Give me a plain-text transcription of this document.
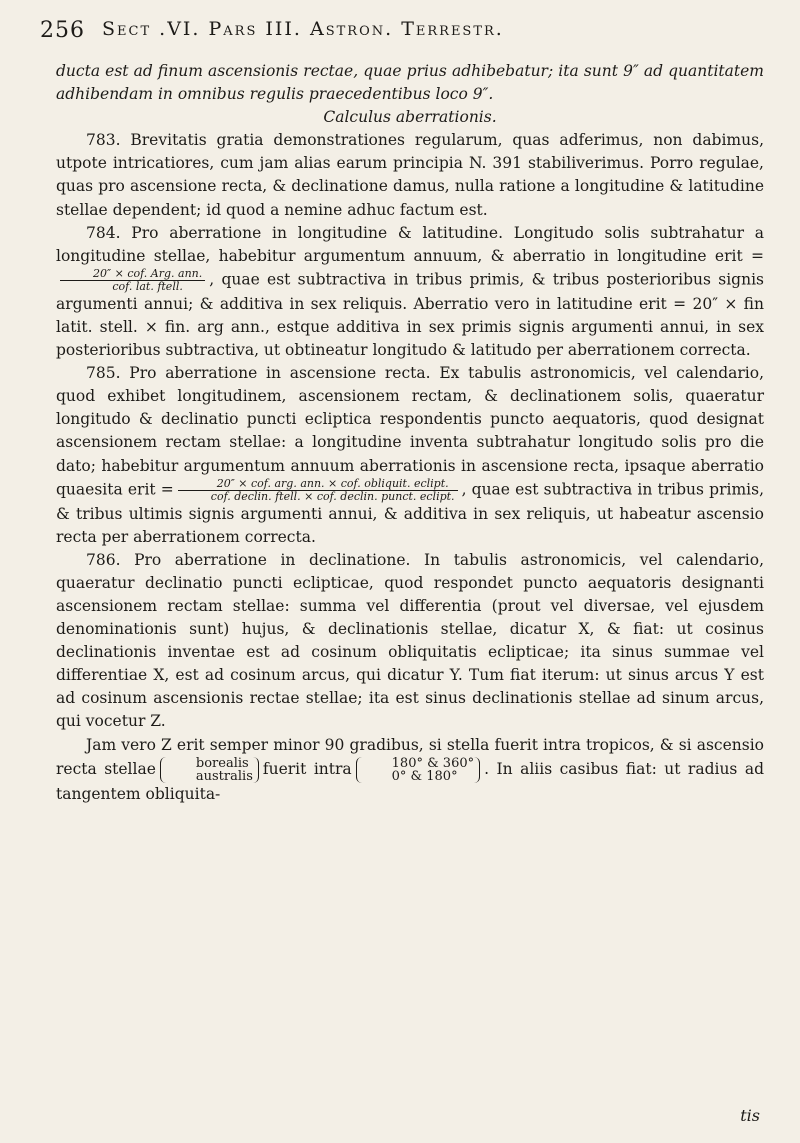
256 Sect .VI. Pars III. Astron. Terrestr.

ducta est ad finum ascensionis rectae, quae prius adhibebatur; ita sunt 9″ ad quantitatem adhibendam in omnibus regulis praecedentibus loco 9″.

Calculus aberrationis.

783. Brevitatis gratia demonstrationes regularum, quas adferimus, non dabimus, utpote intricatiores, cum jam alias earum principia N. 391 stabiliverimus. Porro regulae, quas pro ascensione recta, & declinatione damus, nulla ratione a longitudine & latitudine stellae dependent; id quod a nemine adhuc factum est.

784. Pro aberratione in longitudine & latitudine. Longitudo solis subtrahatur a longitudine stellae, habebitur argumentum annuum, & aberratio in longitudine erit =
$\frac{\text{20″ × cof. Arg. ann.}}{\text{cof. lat. ftell.}}$ , quae est subtractiva in tribus primis, & tribus posterioribus signis argumenti annui; & additiva in sex reliquis. Aberratio vero in latitudine erit = 20″ × fin latit. stell. × fin. arg ann., estque additiva in sex primis signis argumenti annui, in sex posterioribus subtractiva, ut obtineatur longitudo & latitudo per aberrationem correcta.

785. Pro aberratione in ascensione recta. Ex tabulis astronomicis, vel calendario, quod exhibet longitudinem, ascensionem rectam, & declinationem solis, quaeratur longitudo & declinatio puncti ecliptica respondentis puncto aequatoris, quod designat ascensionem rectam stellae: a longitudine inventa subtrahatur longitudo solis pro die dato; habebitur argumentum annuum aberrationis in ascensione recta, ipsaque aberratio quaesita erit = $\frac{\text{20″ × cof. arg. ann. × cof. obliquit. eclipt.}}{\text{cof. declin. ftell. × cof. declin. punct. eclipt.}}$ , quae est subtractiva in tribus primis, & tribus ultimis signis argumenti annui, & additiva in sex reliquis, ut habeatur ascensio recta per aberrationem correcta.

786. Pro aberratione in declinatione. In tabulis astronomicis, vel calendario, quaeratur declinatio puncti eclipticae, quod respondet puncto aequatoris designanti ascensionem rectam stellae: summa vel differentia (prout vel diversae, vel ejusdem denominationis sunt) hujus, & declinationis stellae, dicatur X, & fiat: ut cosinus declinationis inventae est ad cosinum obliquitatis eclipticae; ita sinus summae vel differentiae X, est ad cosinum arcus, qui dicatur Y. Tum fiat iterum: ut sinus arcus Y est ad cosinum ascensionis rectae stellae; ita est sinus declinationis stellae ad sinum arcus, qui vocetur Z.

Jam vero Z erit semper minor 90 gradibus, si stella fuerit intra tropicos, & si ascensio recta stellae	borealis
australis fuerit intra	180° & 360°
0° & 180°	. In aliis casibus fiat: ut radius ad tangentem obliquita-

tis
